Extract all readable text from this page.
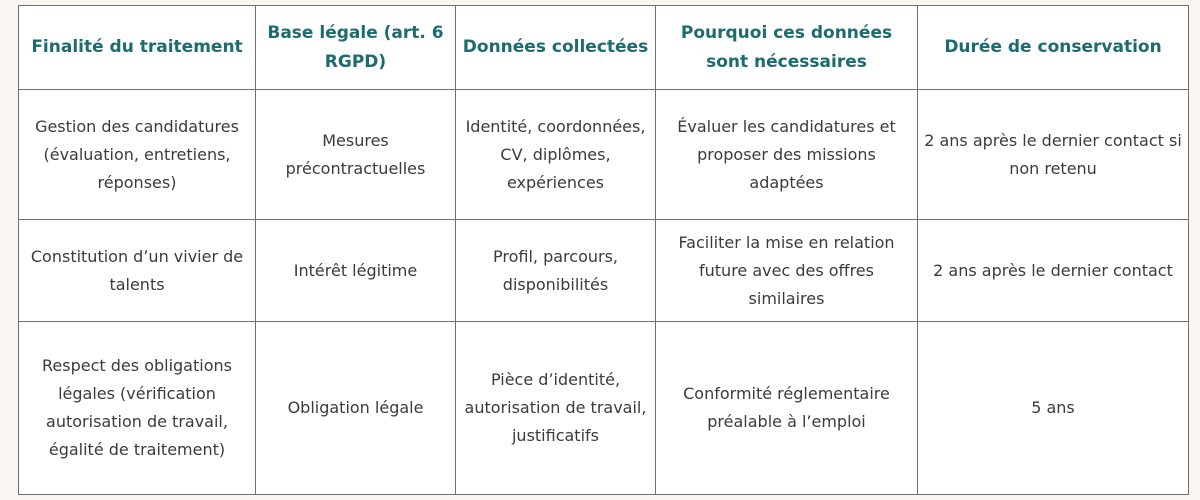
Finalité du traitement	Base légale (art. 6 RGPD)	Données collectées	Pourquoi ces données sont nécessaires	Durée de conservation
Gestion des candidatures (évaluation, entretiens, réponses)	Mesures précontractuelles	Identité, coordonnées, CV, diplômes, expériences	Évaluer les candidatures et proposer des missions adaptées	2 ans après le dernier contact si non retenu
Constitution d’un vivier de talents	Intérêt légitime	Profil, parcours, disponibilités	Faciliter la mise en relation future avec des offres similaires	2 ans après le dernier contact
Respect des obligations légales (vérification autorisation de travail, égalité de traitement)	Obligation légale	Pièce d’identité, autorisation de travail, justificatifs	Conformité réglementaire préalable à l’emploi	5 ans
